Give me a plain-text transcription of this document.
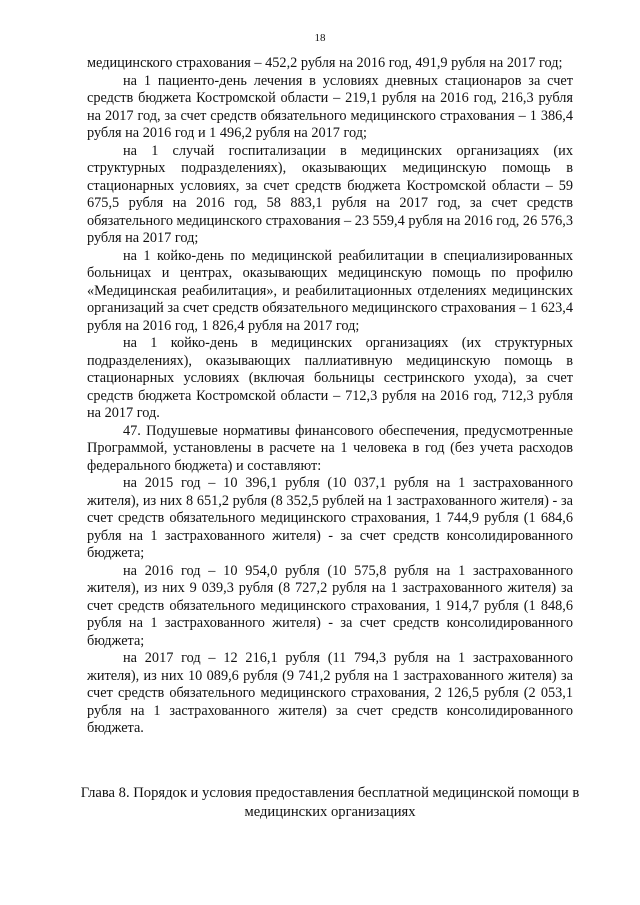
18

медицинского страхования – 452,2 рубля на 2016 год, 491,9 рубля на 2017 год;

на 1 пациенто-день лечения в условиях дневных стационаров за счет средств бюджета Костромской области – 219,1 рубля на 2016 год, 216,3 рубля на 2017 год, за счет средств обязательного медицинского страхования – 1 386,4 рубля на 2016 год и 1 496,2 рубля на 2017 год;

на 1 случай госпитализации в медицинских организациях (их структурных подразделениях), оказывающих медицинскую помощь в стационарных условиях, за счет средств бюджета Костромской области – 59 675,5 рубля на 2016 год, 58 883,1 рубля на 2017 год, за счет средств обязательного медицинского страхования – 23 559,4 рубля на 2016 год, 26 576,3 рубля на 2017 год;

на 1 койко-день по медицинской реабилитации в специализированных больницах и центрах, оказывающих медицинскую помощь по профилю «Медицинская реабилитация», и реабилитационных отделениях медицинских организаций за счет средств обязательного медицинского страхования – 1 623,4 рубля на 2016 год, 1 826,4 рубля на 2017 год;

на 1 койко-день в медицинских организациях (их структурных подразделениях), оказывающих паллиативную медицинскую помощь в стационарных условиях (включая больницы сестринского ухода), за счет средств бюджета Костромской области – 712,3 рубля на 2016 год, 712,3 рубля на 2017 год.

47. Подушевые нормативы финансового обеспечения, предусмотренные Программой, установлены в расчете на 1 человека в год (без учета расходов федерального бюджета) и составляют:

на 2015 год – 10 396,1 рубля (10 037,1 рубля на 1 застрахованного жителя), из них 8 651,2 рубля (8 352,5 рублей на 1 застрахованного жителя) - за счет средств обязательного медицинского страхования, 1 744,9 рубля (1 684,6 рубля на 1 застрахованного жителя) - за счет средств консолидированного бюджета;

на 2016 год – 10 954,0 рубля (10 575,8 рубля на 1 застрахованного жителя), из них 9 039,3 рубля (8 727,2 рубля на 1 застрахованного жителя) за счет средств обязательного медицинского страхования, 1 914,7 рубля (1 848,6 рубля на 1 застрахованного жителя) - за счет средств консолидированного бюджета;

на 2017 год – 12 216,1 рубля (11 794,3 рубля на 1 застрахованного жителя), из них 10 089,6 рубля (9 741,2 рубля на 1 застрахованного жителя) за счет средств обязательного медицинского страхования, 2 126,5 рубля (2 053,1 рубля на 1 застрахованного жителя) за счет средств консолидированного бюджета.

Глава 8. Порядок и условия предоставления бесплатной медицинской помощи в медицинских организациях
